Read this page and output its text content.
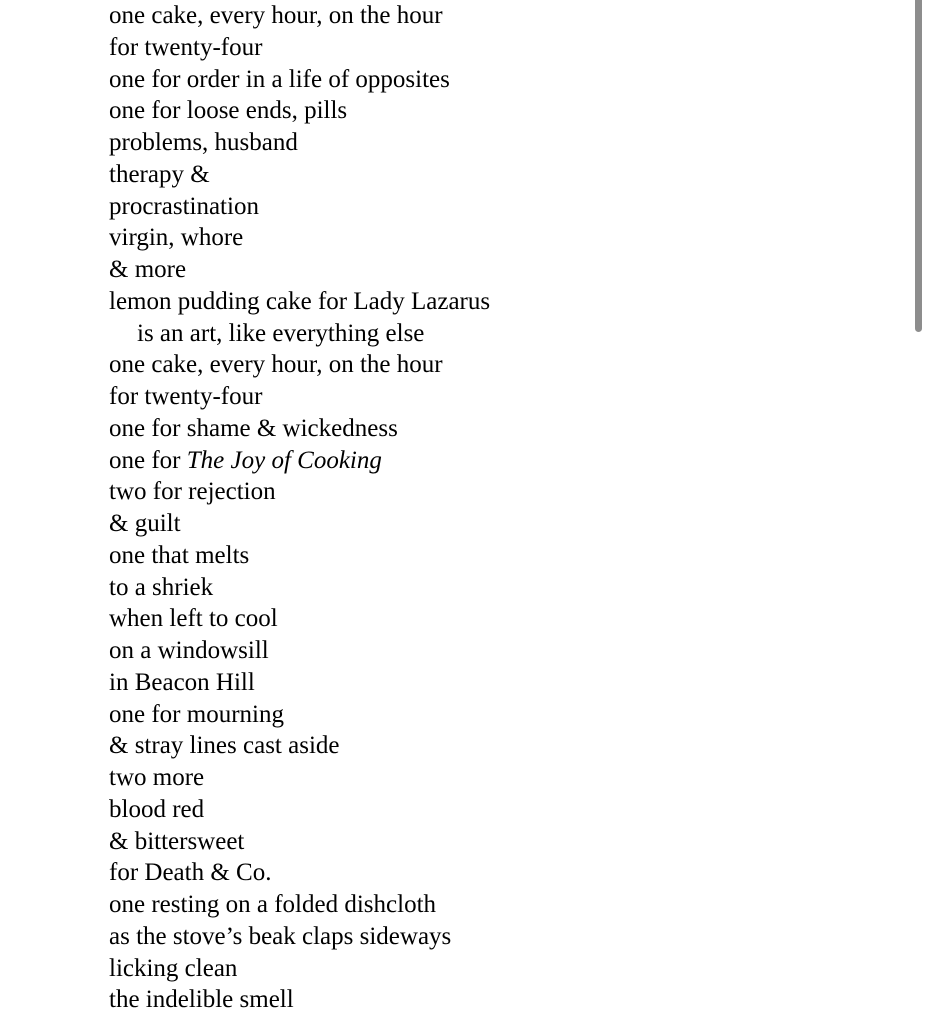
one cake, every hour, on the hour
for twenty-four
one for order in a life of opposites
one for loose ends, pills
problems, husband
therapy &
procrastination
virgin, whore
& more
lemon pudding cake for Lady Lazarus
is an art, like everything else
one cake, every hour, on the hour
for twenty-four
one for shame & wickedness
one for The Joy of Cooking
two for rejection
& guilt
one that melts
to a shriek
when left to cool
on a windowsill
in Beacon Hill
one for mourning
& stray lines cast aside
two more
blood red
& bittersweet
for Death & Co.
one resting on a folded dishcloth
as the stove’s beak claps sideways
licking clean
the indelible smell
